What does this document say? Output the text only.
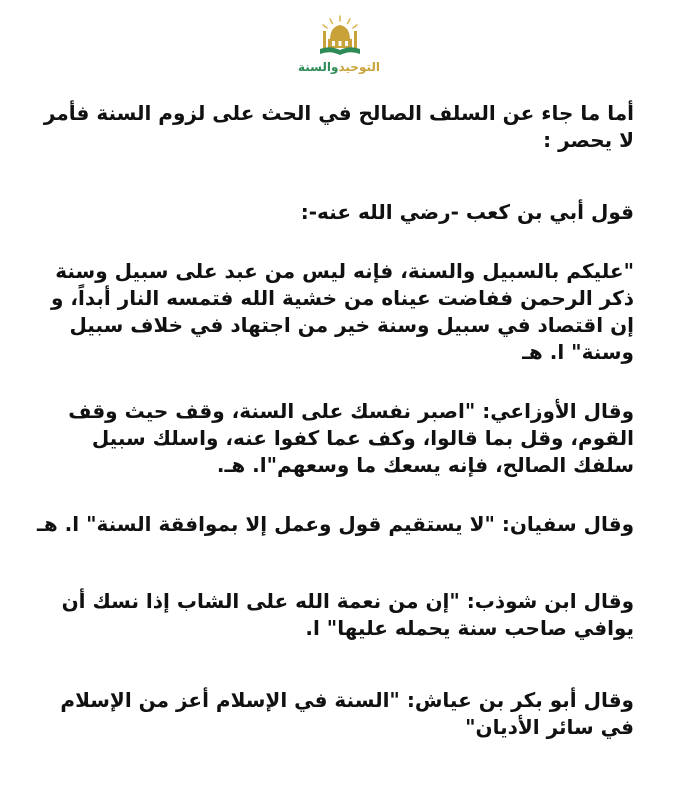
التوحيدوالسنة

أما ما جاء عن السلف الصالح في الحث على لزوم السنة فأمر لا يحصر :

قول أبي بن كعب -رضي الله عنه-:

"عليكم بالسبيل والسنة، فإنه ليس من عبد على سبيل وسنة ذكر الرحمن ففاضت عيناه من خشية الله فتمسه النار أبداً، و إن اقتصاد في سبيل وسنة خير من اجتهاد في خلاف سبيل وسنة" ا. هـ

وقال الأوزاعي: "اصبر نفسك على السنة، وقف حيث وقف القوم، وقل بما قالوا، وكف عما كفوا عنه، واسلك سبيل سلفك الصالح، فإنه يسعك ما وسعهم"ا. هـ.

وقال سفيان: "لا يستقيم قول وعمل إلا بموافقة السنة" ا. هـ

وقال ابن شوذب: "إن من نعمة الله على الشاب إذا نسك أن يوافي صاحب سنة يحمله عليها" ا.

وقال أبو بكر بن عياش: "السنة في الإسلام أعز من الإسلام في سائر الأديان"
